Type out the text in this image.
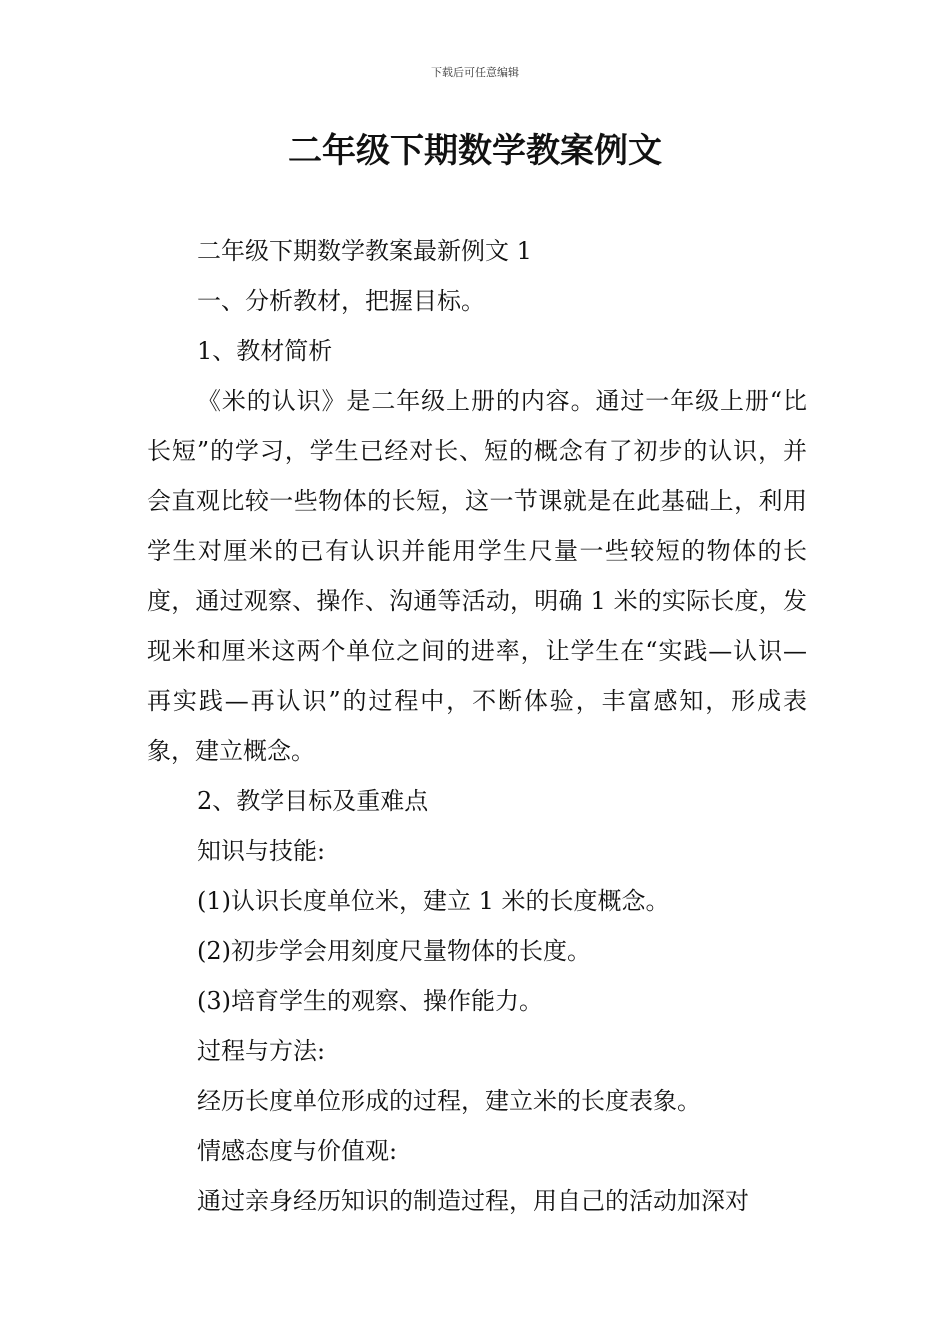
下载后可任意编辑
二年级下期数学教案例文

二年级下期数学教案最新例文 1

一、分析教材，把握目标。

1、教材简析

《米的认识》是二年级上册的内容。通过一年级上册“比长短”的学习，学生已经对长、短的概念有了初步的认识，并会直观比较一些物体的长短，这一节课就是在此基础上，利用学生对厘米的已有认识并能用学生尺量一些较短的物体的长度，通过观察、操作、沟通等活动，明确 1 米的实际长度，发现米和厘米这两个单位之间的进率，让学生在“实践—认识—再实践—再认识”的过程中，不断体验，丰富感知，形成表象，建立概念。

2、教学目标及重难点

知识与技能:

(1)认识长度单位米，建立 1 米的长度概念。

(2)初步学会用刻度尺量物体的长度。

(3)培育学生的观察、操作能力。

过程与方法:

经历长度单位形成的过程，建立米的长度表象。

情感态度与价值观:

通过亲身经历知识的制造过程，用自己的活动加深对
